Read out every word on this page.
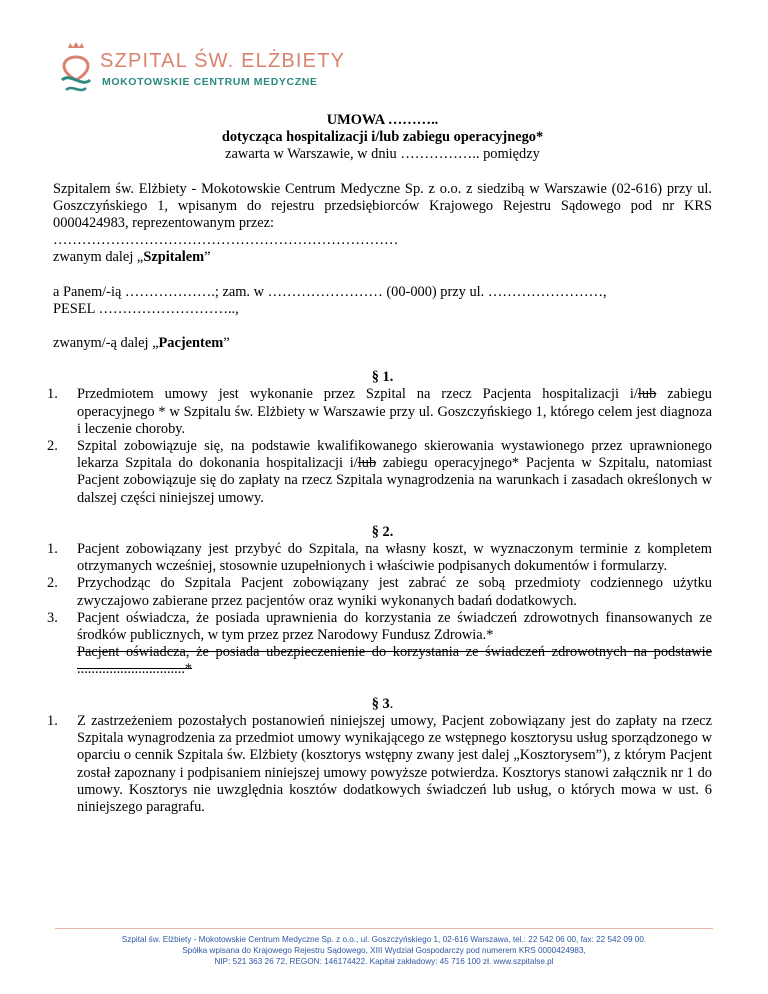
SZPITAL ŚW. ELŻBIETY
MOKOTOWSKIE CENTRUM MEDYCZNE

UMOWA ………..

dotycząca hospitalizacji i/lub zabiegu operacyjnego*

zawarta w Warszawie, w dniu …………….. pomiędzy

Szpitalem św. Elżbiety - Mokotowskie Centrum Medyczne Sp. z o.o. z siedzibą w Warszawie (02-616) przy ul. Goszczyńskiego 1, wpisanym do rejestru przedsiębiorców Krajowego Rejestru Sądowego pod nr KRS 0000424983, reprezentowanym przez:

………………………………………………………………

zwanym dalej „Szpitalem”

a Panem/-ią ……………….; zam. w …………………… (00-000) przy ul. ……………………,

PESEL ………………………..,

zwanym/-ą dalej „Pacjentem”

§ 1.

1. Przedmiotem umowy jest wykonanie przez Szpital na rzecz Pacjenta hospitalizacji i/lub zabiegu operacyjnego * w Szpitalu św. Elżbiety w Warszawie przy ul. Goszczyńskiego 1, którego celem jest diagnoza i leczenie choroby.
2. Szpital zobowiązuje się, na podstawie kwalifikowanego skierowania wystawionego przez uprawnionego lekarza Szpitala do dokonania hospitalizacji i/lub zabiegu operacyjnego* Pacjenta w Szpitalu, natomiast Pacjent zobowiązuje się do zapłaty na rzecz Szpitala wynagrodzenia na warunkach i zasadach określonych w dalszej części niniejszej umowy.

§ 2.

1. Pacjent zobowiązany jest przybyć do Szpitala, na własny koszt, w wyznaczonym terminie z kompletem otrzymanych wcześniej, stosownie uzupełnionych i właściwie podpisanych dokumentów i formularzy.
2. Przychodząc do Szpitala Pacjent zobowiązany jest zabrać ze sobą przedmioty codziennego użytku zwyczajowo zabierane przez pacjentów oraz wyniki wykonanych badań dodatkowych.
3. Pacjent oświadcza, że posiada uprawnienia do korzystania ze świadczeń zdrowotnych finansowanych ze środków publicznych, w tym przez przez Narodowy Fundusz Zdrowia.*

Pacjent oświadcza, że posiada ubezpieczenienie do korzystania ze świadczeń zdrowotnych na podstawie ..............................*

§ 3.

1. Z zastrzeżeniem pozostałych postanowień niniejszej umowy, Pacjent zobowiązany jest do zapłaty na rzecz Szpitala wynagrodzenia za przedmiot umowy wynikającego ze wstępnego kosztorysu usług sporządzonego w oparciu o cennik Szpitala św. Elżbiety (kosztorys wstępny zwany jest dalej „Kosztorysem”), z którym Pacjent został zapoznany i podpisaniem niniejszej umowy powyższe potwierdza. Kosztorys stanowi załącznik nr 1 do umowy. Kosztorys nie uwzględnia kosztów dodatkowych świadczeń lub usług, o których mowa w ust. 6 niniejszego paragrafu.
Szpital św. Elżbiety - Mokotowskie Centrum Medyczne Sp. z o.o., ul. Goszczyńskiego 1, 02-616 Warszawa, tel.: 22 542 06 00, fax: 22 542 09 00.
Spółka wpisana do Krajowego Rejestru Sądowego, XIII Wydział Gospodarczy pod numerem KRS 0000424983,
NIP: 521 363 26 72, REGON: 146174422. Kapitał zakładowy: 45 716 100 zł. www.szpitalse.pl
